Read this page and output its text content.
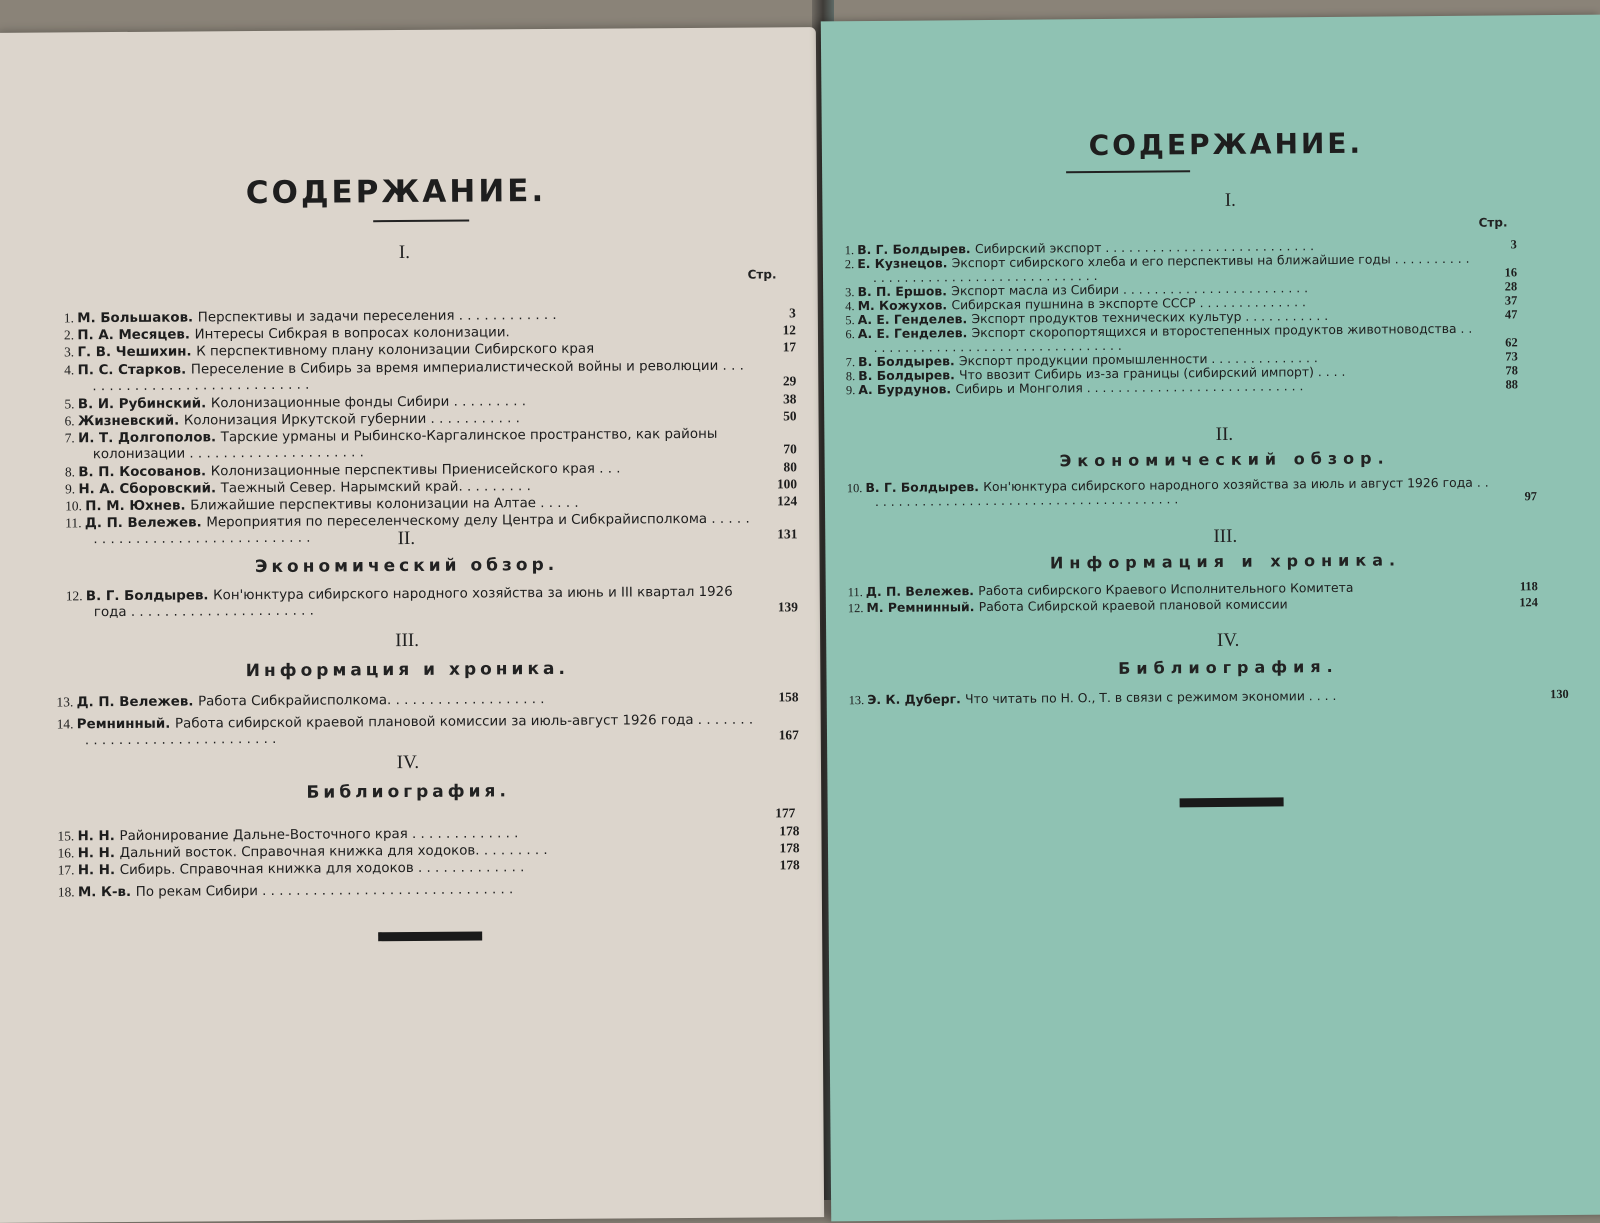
СОДЕРЖАНИЕ.
I.
Стр.
1. М. Большаков. Перспективы и задачи переселения . . . . . . . . . . . .	3
2. П. А. Месяцев. Интересы Сибкрая в вопросах колонизации.	12
3. Г. В. Чешихин. К перспективному плану колонизации Сибирского края	17
4. П. С. Старков. Переселение в Сибирь за время империалистической войны и революции . . . . . . . . . . . . . . . . . . . . . . . . . . . . .	29
5. В. И. Рубинский. Колонизационные фонды Сибири . . . . . . . . .	38
6. Жизневский. Колонизация Иркутской губернии . . . . . . . . . . .	50
7. И. Т. Долгополов. Тарские урманы и Рыбинско-Каргалинское пространство, как районы колонизации . . . . . . . . . . . . . . . . . . . . .	70
8. В. П. Косованов. Колонизационные перспективы Приенисейского края . . .	80
9. Н. А. Сборовский. Таежный Север. Нарымский край. . . . . . . . .	100
10. П. М. Юхнев. Ближайшие перспективы колонизации на Алтае . . . . .	124
11. Д. П. Вележев. Мероприятия по переселенческому делу Центра и Сибкрайисполкома . . . . . . . . . . . . . . . . . . . . . . . . . . . . . . .	131
II.
Экономический обзор.
12. В. Г. Болдырев. Кон'юнктура сибирского народного хозяйства за июнь и III квартал 1926 года . . . . . . . . . . . . . . . . . . . . . .	139
III.
Информация и хроника.
13. Д. П. Вележев. Работа Сибкрайисполкома. . . . . . . . . . . . . . . . . . .	158
14. Ремнинный. Работа сибирской краевой плановой комиссии за июль-август 1926 года . . . . . . . . . . . . . . . . . . . . . . . . . . . . . .	167
IV.
Библиография.
177
15. Н. Н. Районирование Дальне-Восточного края . . . . . . . . . . . . .	178
16. Н. Н. Дальний восток. Справочная книжка для ходоков. . . . . . . . .	178
17. Н. Н. Сибирь. Справочная книжка для ходоков . . . . . . . . . . . . .	178
18. М. К-в. По рекам Сибири . . . . . . . . . . . . . . . . . . . . . . . . . . . . . .
СОДЕРЖАНИЕ.
I.
Стр.
1. В. Г. Болдырев. Сибирский экспорт . . . . . . . . . . . . . . . . . . . . . . . . . . .	3
2. Е. Кузнецов. Экспорт сибирского хлеба и его перспективы на ближайшие годы . . . . . . . . . . . . . . . . . . . . . . . . . . . . . . . . . . . . . . .	16
3. В. П. Ершов. Экспорт масла из Сибири . . . . . . . . . . . . . . . . . . . . . . . .	28
4. М. Кожухов. Сибирская пушнина в экспорте СССР . . . . . . . . . . . . . .	37
5. А. Е. Генделев. Экспорт продуктов технических культур . . . . . . . . . . .	47
6. А. Е. Генделев. Экспорт скоропортящихся и второстепенных продуктов животноводства . . . . . . . . . . . . . . . . . . . . . . . . . . . . . . . . . .	62
7. В. Болдырев. Экспорт продукции промышленности . . . . . . . . . . . . . .	73
8. В. Болдырев. Что ввозит Сибирь из-за границы (сибирский импорт) . . . .	78
9. А. Бурдунов. Сибирь и Монголия . . . . . . . . . . . . . . . . . . . . . . . . . . . .	88
II.
Экономический обзор.
10. В. Г. Болдырев. Кон'юнктура сибирского народного хозяйства за июль и август 1926 года . . . . . . . . . . . . . . . . . . . . . . . . . . . . . . . . . . . . . . . . .	97
III.
Информация и хроника.
11. Д. П. Вележев. Работа сибирского Краевого Исполнительного Комитета	118
12. М. Ремнинный. Работа Сибирской краевой плановой комиссии	124
IV.
Библиография.
13. Э. К. Дуберг. Что читать по Н. О., Т. в связи с режимом экономии . . . .	130
